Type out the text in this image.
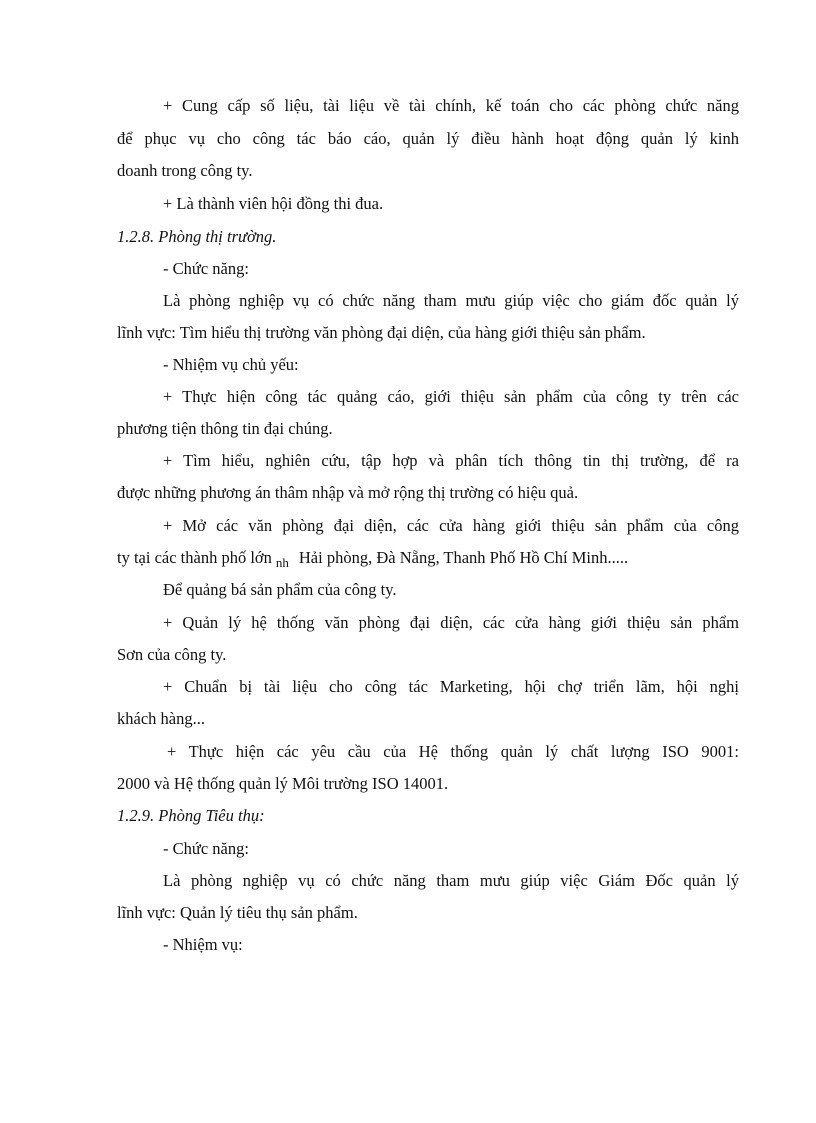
+ Cung cấp số liệu, tài liệu về tài chính, kế toán cho các phòng chức năng

để phục vụ cho công tác báo cáo, quản lý điều hành hoạt động quản lý kinh

doanh trong công ty.

+ Là thành viên hội đồng thi đua.

1.2.8. Phòng thị trường.

- Chức năng:

Là phòng nghiệp vụ có chức năng tham mưu giúp việc cho giám đốc quản lý

lĩnh vực: Tìm hiểu thị trường văn phòng đại diện, của hàng giới thiệu sản phẩm.

- Nhiệm vụ chủ yếu:

+ Thực hiện công tác quảng cáo, giới thiệu sản phẩm của công ty trên các

phương tiện thông tin đại chúng.

+ Tìm hiểu, nghiên cứu, tập hợp và phân tích thông tin thị trường, để ra

được những phương án thâm nhập và mở rộng thị trường có hiệu quả.

+ Mở các văn phòng đại diện, các cửa hàng giới thiệu sản phẩm của công

ty tại các thành phố lớn $_{nh}$ Hải phòng, Đà Nẵng, Thanh Phố Hồ Chí Minh.....

Để quảng bá sản phẩm của công ty.

+ Quản lý hệ thống văn phòng đại diện, các cửa hàng giới thiệu sản phẩm

Sơn của công ty.

+ Chuẩn bị tài liệu cho công tác Marketing, hội chợ triển lãm, hội nghị

khách hàng...

+ Thực hiện các yêu cầu của Hệ thống quản lý chất lượng ISO 9001:

2000 và Hệ thống quản lý Môi trường ISO 14001.

1.2.9. Phòng Tiêu thụ:

- Chức năng:

Là phòng nghiệp vụ có chức năng tham mưu giúp việc Giám Đốc quản lý

lĩnh vực: Quản lý tiêu thụ sản phẩm.

- Nhiệm vụ:
